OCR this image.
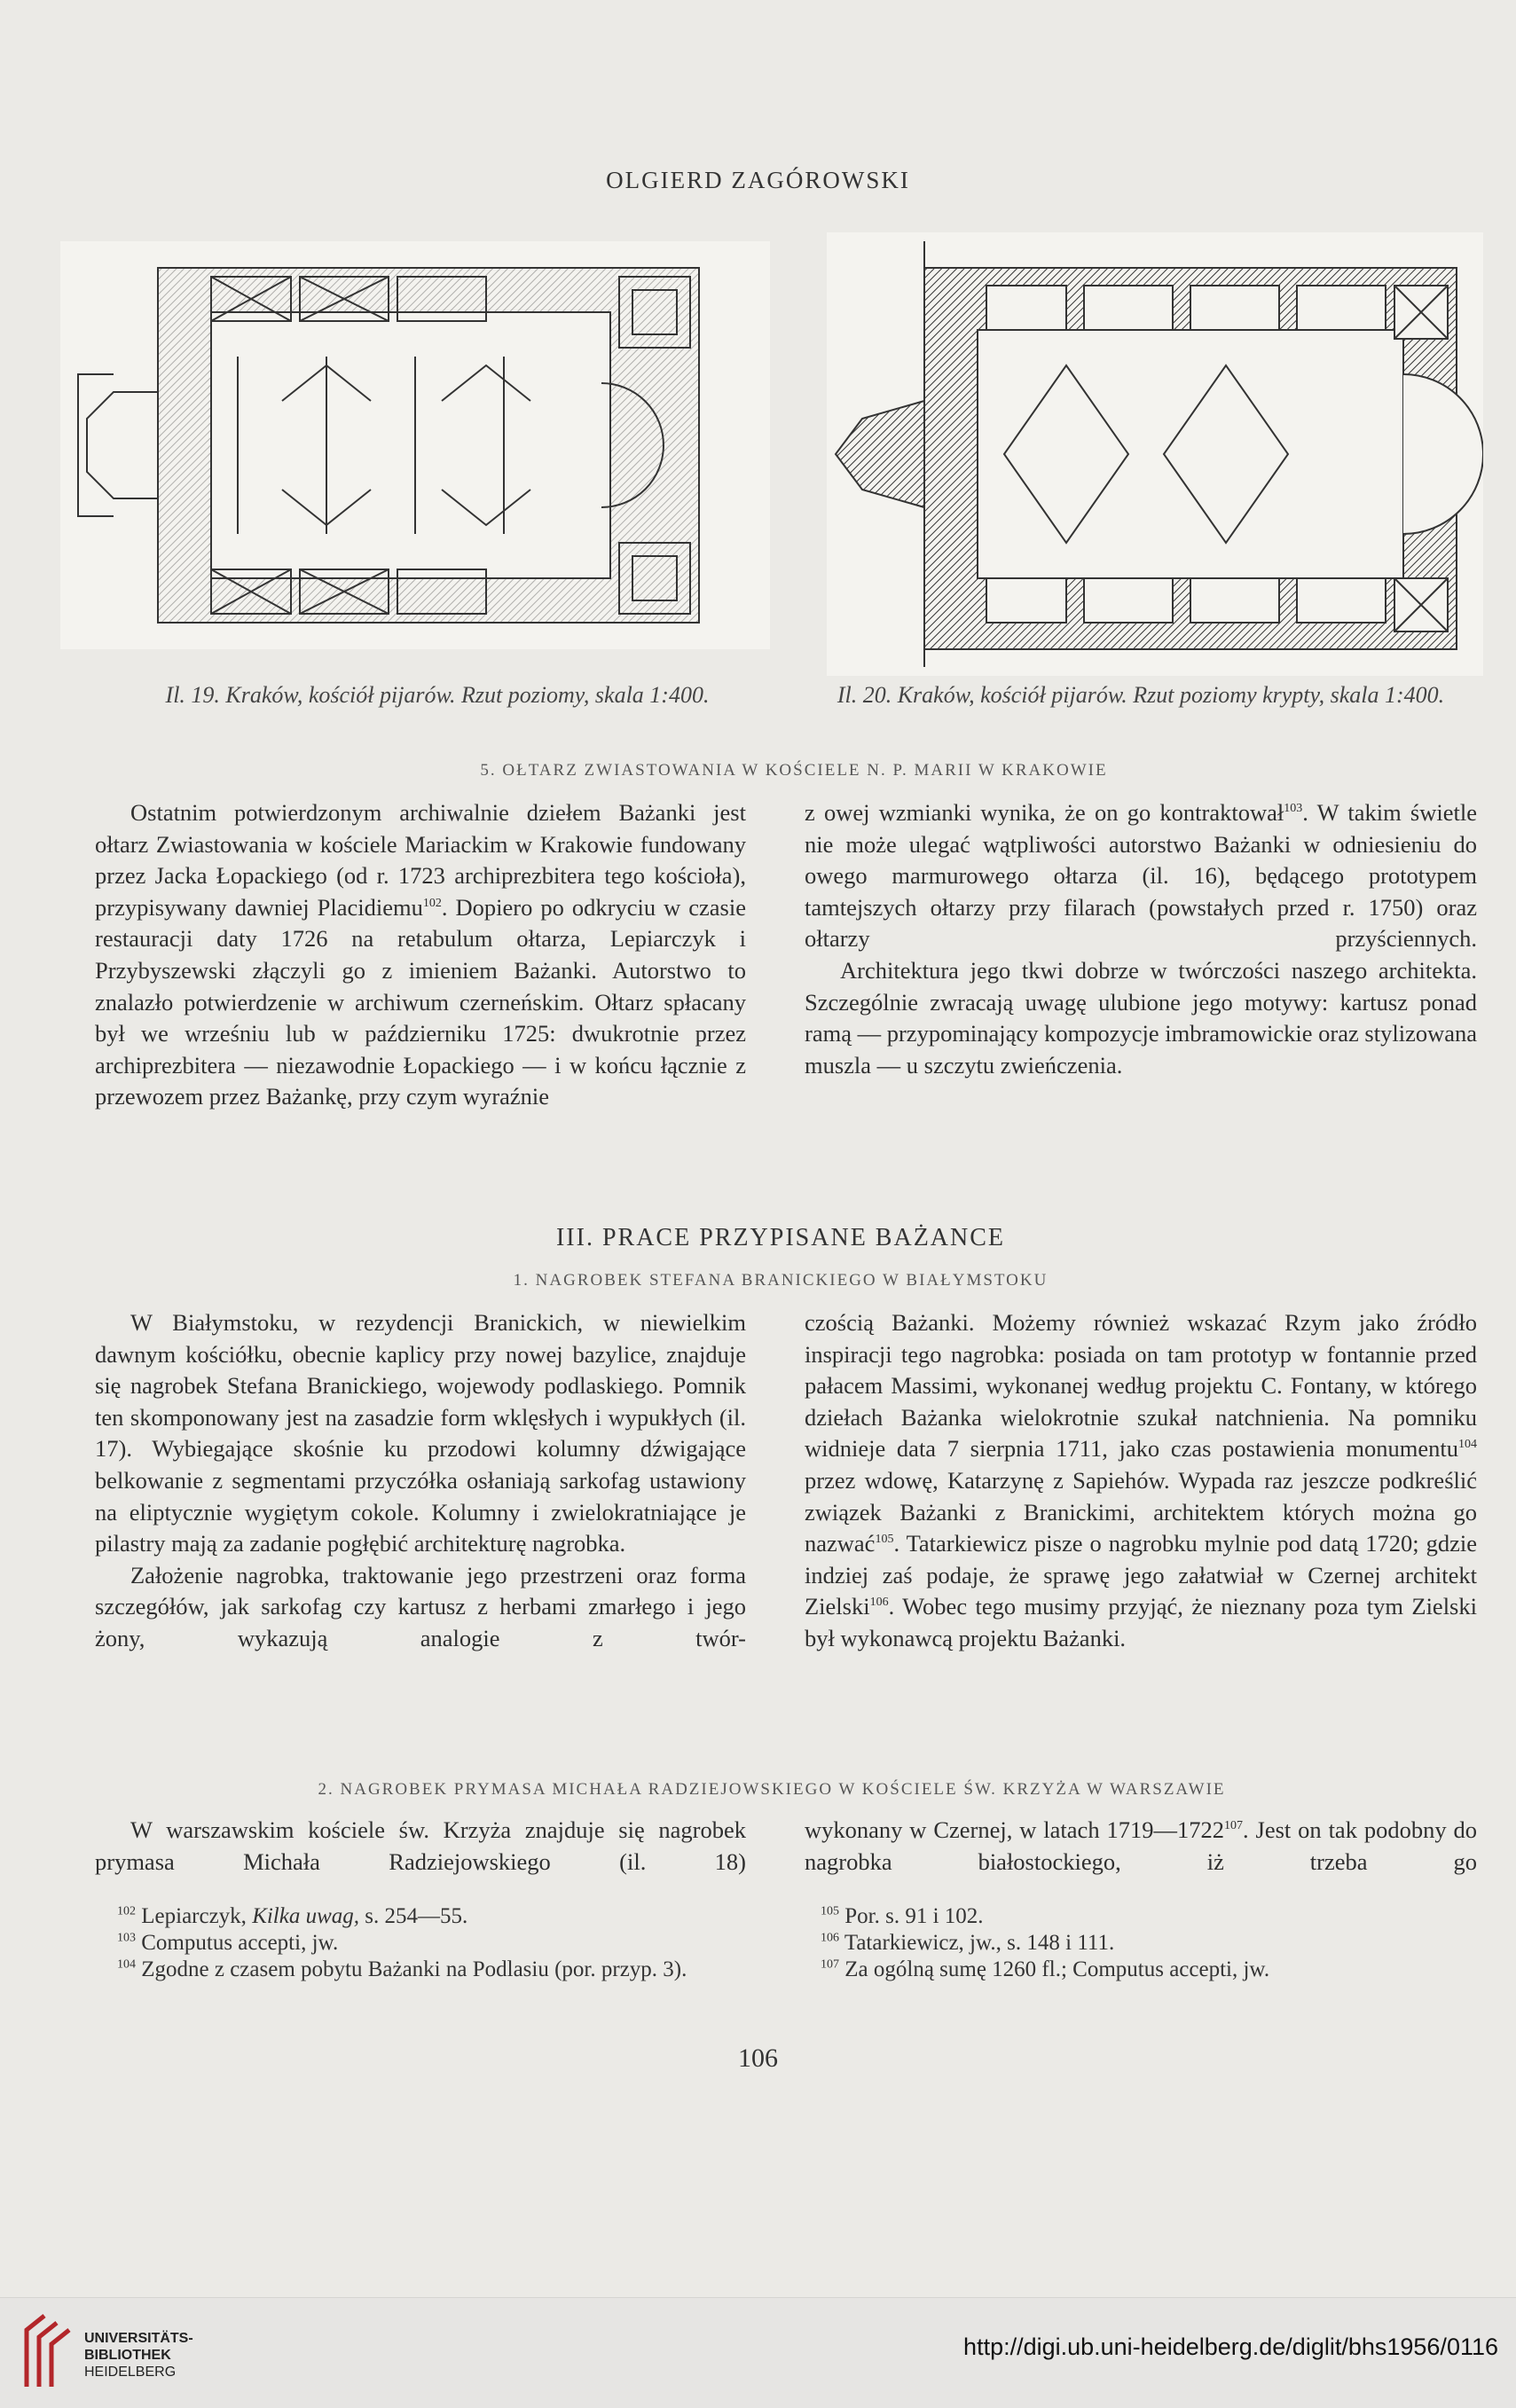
OLGIERD ZAGÓROWSKI
Il. 19. Kraków, kościół pijarów. Rzut poziomy, skala 1:400.	Il. 20. Kraków, kościół pijarów. Rzut poziomy krypty, skala 1:400.
5. OŁTARZ ZWIASTOWANIA W KOŚCIELE N. P. MARII W KRAKOWIE

Ostatnim potwierdzonym archiwalnie dziełem Bażanki jest ołtarz Zwiastowania w kościele Mariackim w Krakowie fundowany przez Jacka Łopackiego (od r. 1723 archiprezbitera tego kościoła), przypisywany dawniej Placidiemu$^{102}$. Dopiero po odkryciu w czasie restauracji daty 1726 na retabulum ołtarza, Lepiarczyk i Przybyszewski złączyli go z imieniem Bażanki. Autorstwo to znalazło potwierdzenie w archiwum czerneńskim. Ołtarz spłacany był we wrześniu lub w październiku 1725: dwukrotnie przez archiprezbitera — niezawodnie Łopackiego — i w końcu łącznie z przewozem przez Bażankę, przy czym wyraźnie

z owej wzmianki wynika, że on go kontraktował$^{103}$. W takim świetle nie może ulegać wątpliwości autorstwo Bażanki w odniesieniu do owego marmurowego ołtarza (il. 16), będącego prototypem tamtejszych ołtarzy przy filarach (powstałych przed r. 1750) oraz ołtarzy przyściennych.

Architektura jego tkwi dobrze w twórczości naszego architekta. Szczególnie zwracają uwagę ulubione jego motywy: kartusz ponad ramą — przypominający kompozycje imbramowickie oraz stylizowana muszla — u szczytu zwieńczenia.

III. PRACE PRZYPISANE BAŻANCE
1. NAGROBEK STEFANA BRANICKIEGO W BIAŁYMSTOKU

W Białymstoku, w rezydencji Branickich, w niewielkim dawnym kościółku, obecnie kaplicy przy nowej bazylice, znajduje się nagrobek Stefana Branickiego, wojewody podlaskiego. Pomnik ten skomponowany jest na zasadzie form wklęsłych i wypukłych (il. 17). Wybiegające skośnie ku przodowi kolumny dźwigające belkowanie z segmentami przyczółka osłaniają sarkofag ustawiony na eliptycznie wygiętym cokole. Kolumny i zwielokratniające je pilastry mają za zadanie pogłębić architekturę nagrobka.

Założenie nagrobka, traktowanie jego przestrzeni oraz forma szczegółów, jak sarkofag czy kartusz z herbami zmarłego i jego żony, wykazują analogie z twór-

czością Bażanki. Możemy również wskazać Rzym jako źródło inspiracji tego nagrobka: posiada on tam prototyp w fontannie przed pałacem Massimi, wykonanej według projektu C. Fontany, w którego dziełach Bażanka wielokrotnie szukał natchnienia. Na pomniku widnieje data 7 sierpnia 1711, jako czas postawienia monumentu$^{104}$ przez wdowę, Katarzynę z Sapiehów. Wypada raz jeszcze podkreślić związek Bażanki z Branickimi, architektem których można go nazwać$^{105}$. Tatarkiewicz pisze o nagrobku mylnie pod datą 1720; gdzie indziej zaś podaje, że sprawę jego załatwiał w Czernej architekt Zielski$^{106}$. Wobec tego musimy przyjąć, że nieznany poza tym Zielski był wykonawcą projektu Bażanki.

2. NAGROBEK PRYMASA MICHAŁA RADZIEJOWSKIEGO W KOŚCIELE ŚW. KRZYŻA W WARSZAWIE

W warszawskim kościele św. Krzyża znajduje się nagrobek prymasa Michała Radziejowskiego (il. 18)

wykonany w Czernej, w latach 1719—1722$^{107}$. Jest on tak podobny do nagrobka białostockiego, iż trzeba go

$^{102}$ Lepiarczyk, Kilka uwag, s. 254—55.

$^{103}$ Computus accepti, jw.

$^{104}$ Zgodne z czasem pobytu Bażanki na Podlasiu (por. przyp. 3).

$^{105}$ Por. s. 91 i 102.

$^{106}$ Tatarkiewicz, jw., s. 148 i 111.

$^{107}$ Za ogólną sumę 1260 fl.; Computus accepti, jw.

106
UNIVERSITÄTS-
BIBLIOTHEK
HEIDELBERG
http://digi.ub.uni-heidelberg.de/diglit/bhs1956/0116
